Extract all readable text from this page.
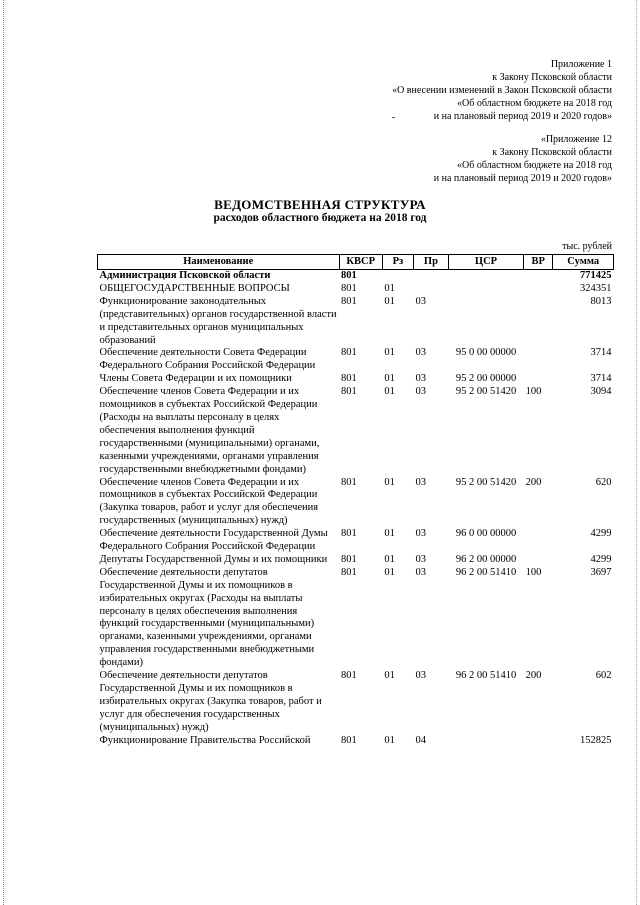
Приложение 1
к Закону Псковской области
«О внесении изменений в Закон Псковской области
«Об областном бюджете на 2018 год
и на плановый период 2019 и 2020 годов»
«Приложение 12
к Закону Псковской области
«Об областном бюджете на 2018 год
и на плановый период 2019 и 2020 годов»
ВЕДОМСТВЕННАЯ СТРУКТУРА
расходов областного бюджета на 2018 год
тыс. рублей
Наименование	КВСР	Рз	Пр	ЦСР	ВР	Сумма
Администрация Псковской области	801					771425
ОБЩЕГОСУДАРСТВЕННЫЕ ВОПРОСЫ	801	01				324351
Функционирование законодательных (представительных) органов государственной власти и представительных органов муниципальных образований	801	01	03			8013
Обеспечение деятельности Совета Федерации Федерального Собрания Российской Федерации	801	01	03	95 0 00 00000		3714
Члены Совета Федерации и их помощники	801	01	03	95 2 00 00000		3714
Обеспечение членов Совета Федерации и их помощников в субъектах Российской Федерации (Расходы на выплаты персоналу в целях обеспечения выполнения функций государственными (муниципальными) органами, казенными учреждениями, органами управления государственными внебюджетными фондами)	801	01	03	95 2 00 51420	100	3094
Обеспечение членов Совета Федерации и их помощников в субъектах Российской Федерации (Закупка товаров, работ и услуг для обеспечения государственных (муниципальных) нужд)	801	01	03	95 2 00 51420	200	620
Обеспечение деятельности Государственной Думы Федерального Собрания Российской Федерации	801	01	03	96 0 00 00000		4299
Депутаты Государственной Думы и их помощники	801	01	03	96 2 00 00000		4299
Обеспечение деятельности депутатов Государственной Думы и их помощников в избирательных округах (Расходы на выплаты персоналу в целях обеспечения выполнения функций государственными (муниципальными) органами, казенными учреждениями, органами управления государственными внебюджетными фондами)	801	01	03	96 2 00 51410	100	3697
Обеспечение деятельности депутатов Государственной Думы и их помощников в избирательных округах (Закупка товаров, работ и услуг для обеспечения государственных (муниципальных) нужд)	801	01	03	96 2 00 51410	200	602
Функционирование Правительства Российской	801	01	04			152825
